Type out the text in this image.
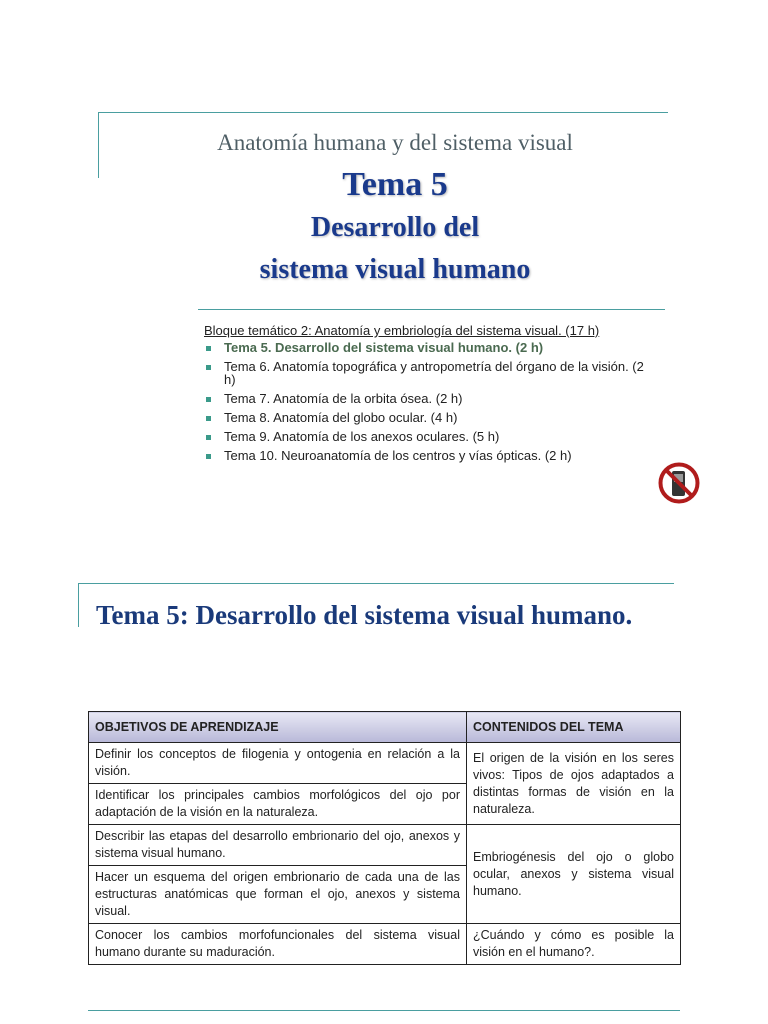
Anatomía humana y del sistema visual
Tema 5
Desarrollo del
sistema visual humano
Bloque temático 2: Anatomía y embriología del sistema visual. (17 h)
Tema 5. Desarrollo del sistema visual humano. (2 h)
Tema 6. Anatomía topográfica y antropometría del órgano de la visión. (2 h)
Tema 7. Anatomía de la orbita ósea. (2 h)
Tema 8. Anatomía del globo ocular. (4 h)
Tema 9. Anatomía de los anexos oculares. (5 h)
Tema 10. Neuroanatomía de los centros y vías ópticas. (2 h)
Tema 5: Desarrollo del sistema visual humano.
OBJETIVOS DE APRENDIZAJE	CONTENIDOS DEL TEMA
Definir los conceptos de filogenia y ontogenia en relación a la visión.	El origen de la visión en los seres vivos: Tipos de ojos adaptados a distintas formas de visión en la naturaleza.
Identificar los principales cambios morfológicos del ojo por adaptación de la visión en la naturaleza.	
Describir las etapas del desarrollo embrionario del ojo, anexos y sistema visual humano.	Embriogénesis del ojo o globo ocular, anexos y sistema visual humano.
Hacer un esquema del origen embrionario de cada una de las estructuras anatómicas que forman el ojo, anexos y sistema visual.	
Conocer los cambios morfofuncionales del sistema visual humano durante su maduración.	¿Cuándo y cómo es posible la visión en el humano?.
